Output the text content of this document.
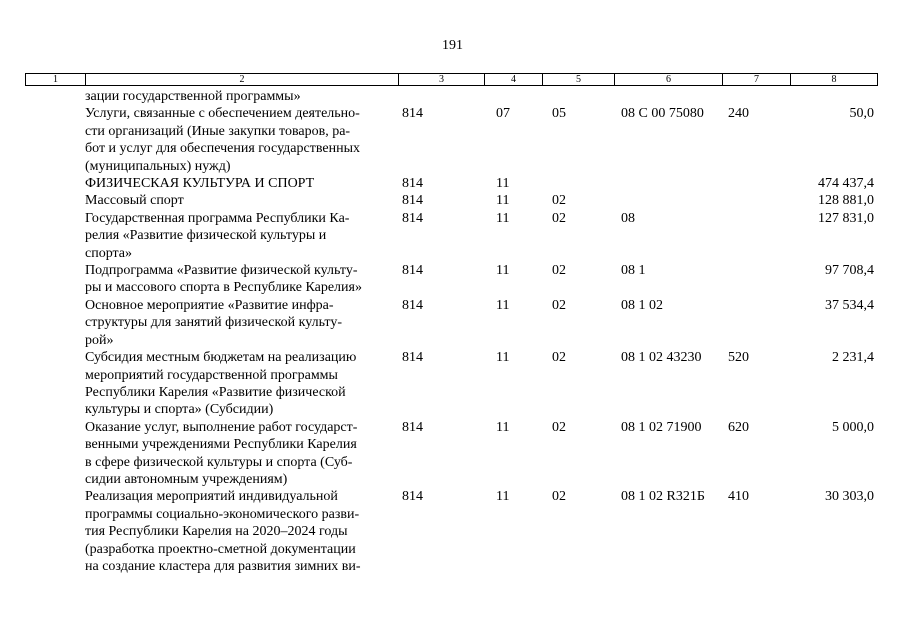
191
1	2	3	4	5	6	7	8
зации государственной программы»						

Услуги, связанные с обеспечением деятельно-
сти организаций (Иные закупки товаров, ра-
бот и услуг для обеспечения государственных
(муниципальных) нужд)	814	07	05	08 С 00 75080	240	50,0

ФИЗИЧЕСКАЯ КУЛЬТУРА И СПОРТ	814	11				474 437,4

Массовый спорт	814	11	02			128 881,0

Государственная программа Республики Ка-
релия «Развитие физической культуры и
спорта»	814	11	02	08		127 831,0

Подпрограмма «Развитие физической культу-
ры и массового спорта в Республике Карелия»	814	11	02	08 1		97 708,4

Основное мероприятие «Развитие инфра-
структуры для занятий физической культу-
рой»	814	11	02	08 1 02		37 534,4

Субсидия местным бюджетам на реализацию
мероприятий государственной программы
Республики Карелия «Развитие физической
культуры и спорта» (Субсидии)	814	11	02	08 1 02 43230	520	2 231,4

Оказание услуг, выполнение работ государст-
венными учреждениями Республики Карелия
в сфере физической культуры и спорта (Суб-
сидии автономным учреждениям)	814	11	02	08 1 02 71900	620	5 000,0

Реализация мероприятий индивидуальной
программы социально-экономического разви-
тия Республики Карелия на 2020–2024 годы
(разработка проектно-сметной документации
на создание кластера для развития зимних ви-	814	11	02	08 1 02 R321Б	410	30 303,0
